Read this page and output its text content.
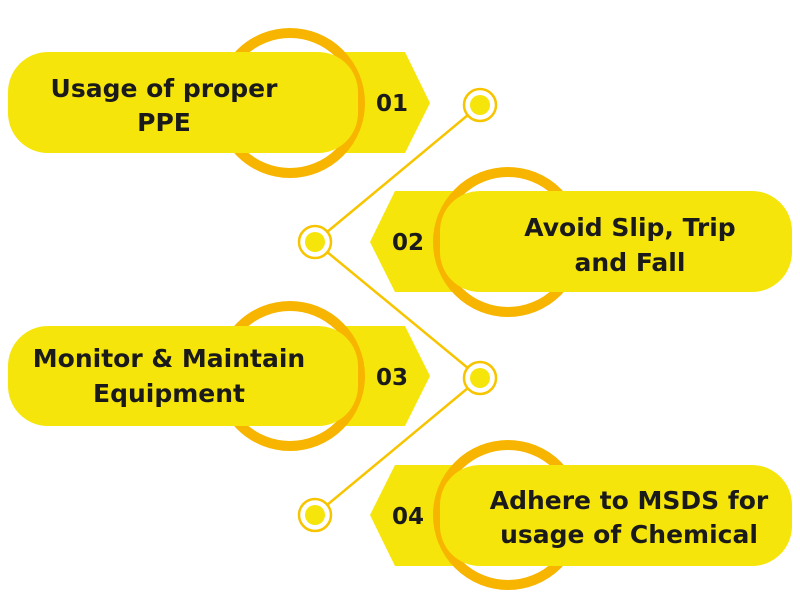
01
Usage of proper
PPE
02
Avoid Slip, Trip
and Fall
03
Monitor & Maintain
Equipment
04
Adhere to MSDS for
usage of Chemical
